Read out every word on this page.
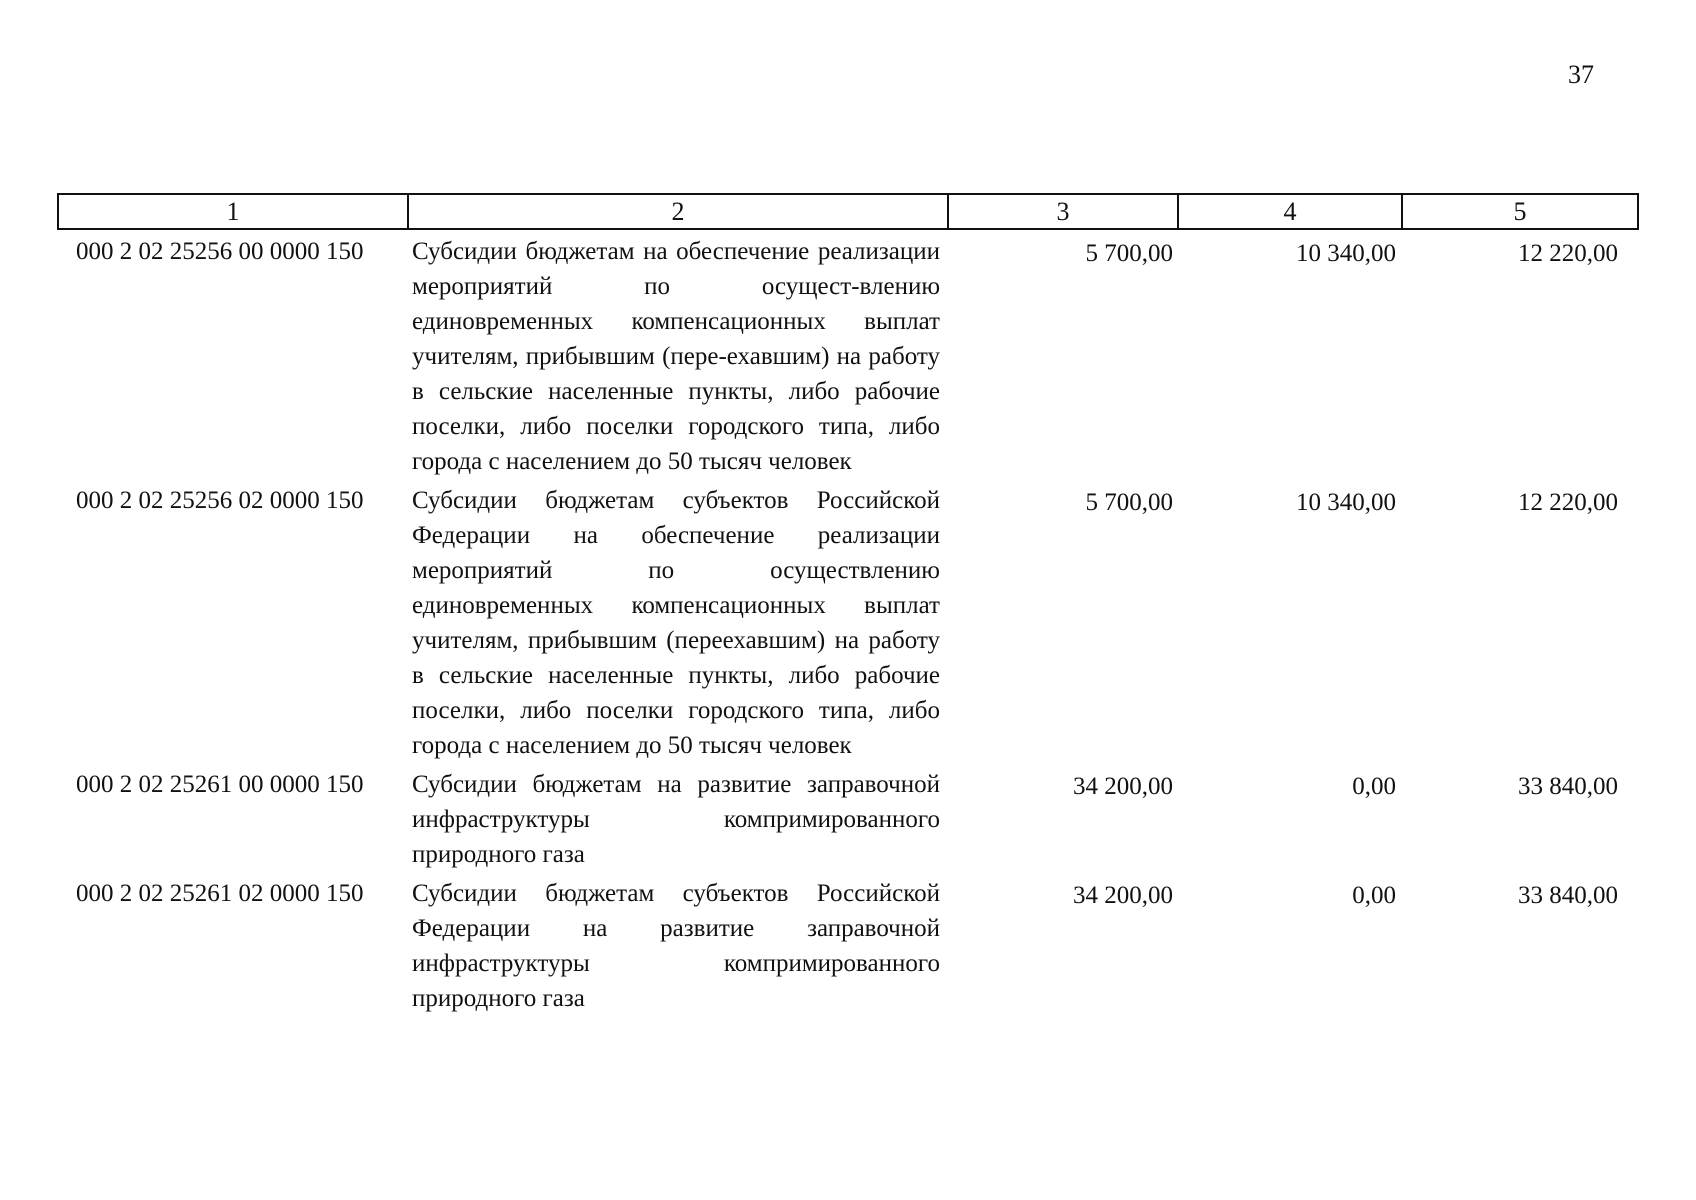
37
1	2	3	4	5
000 2 02 25256 00 0000 150	Субсидии бюджетам на обеспечение реализации мероприятий по осущест-влению единовременных компенсационных выплат учителям, прибывшим (пере-ехавшим) на работу в сельские населенные пункты, либо рабочие поселки, либо поселки городского типа, либо города с населением до 50 тысяч человек	5 700,00	10 340,00	12 220,00
000 2 02 25256 02 0000 150	Субсидии бюджетам субъектов Российской Федерации на обеспечение реализации мероприятий по осуществлению единовременных компенсационных выплат учителям, прибывшим (переехавшим) на работу в сельские населенные пункты, либо рабочие поселки, либо поселки городского типа, либо города с населением до 50 тысяч человек	5 700,00	10 340,00	12 220,00
000 2 02 25261 00 0000 150	Субсидии бюджетам на развитие заправочной инфраструктуры компримированного природного газа	34 200,00	0,00	33 840,00
000 2 02 25261 02 0000 150	Субсидии бюджетам субъектов Российской Федерации на развитие заправочной инфраструктуры компримированного природного газа	34 200,00	0,00	33 840,00
